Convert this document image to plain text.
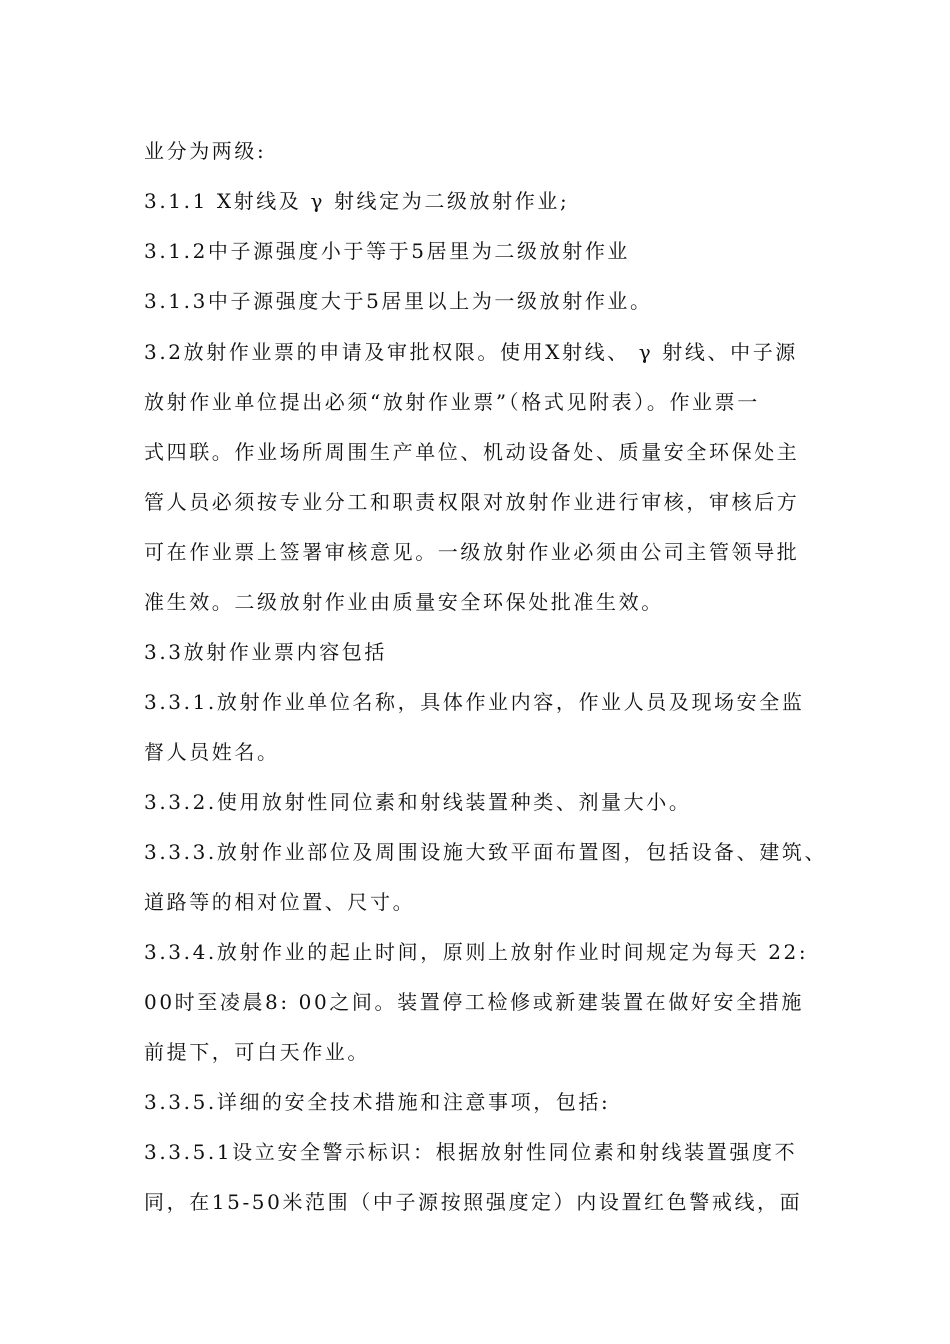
业分为两级:
3.1.1 X射线及 γ 射线定为二级放射作业;
3.1.2中子源强度小于等于5居里为二级放射作业
3.1.3中子源强度大于5居里以上为一级放射作业。
3.2放射作业票的申请及审批权限。使用X射线、 γ 射线、中子源
放射作业单位提出必须“放射作业票”（格式见附表）。作业票一
式四联。作业场所周围生产单位、机动设备处、质量安全环保处主
管人员必须按专业分工和职责权限对放射作业进行审核，审核后方
可在作业票上签署审核意见。一级放射作业必须由公司主管领导批
准生效。二级放射作业由质量安全环保处批准生效。
3.3放射作业票内容包括
3.3.1.放射作业单位名称，具体作业内容，作业人员及现场安全监
督人员姓名。
3.3.2.使用放射性同位素和射线装置种类、剂量大小。
3.3.3.放射作业部位及周围设施大致平面布置图，包括设备、建筑、
道路等的相对位置、尺寸。
3.3.4.放射作业的起止时间，原则上放射作业时间规定为每天 22:
00时至凌晨8: 00之间。装置停工检修或新建装置在做好安全措施
前提下，可白天作业。
3.3.5.详细的安全技术措施和注意事项，包括:
3.3.5.1设立安全警示标识：根据放射性同位素和射线装置强度不
同，在15-50米范围（中子源按照强度定）内设置红色警戒线，面
